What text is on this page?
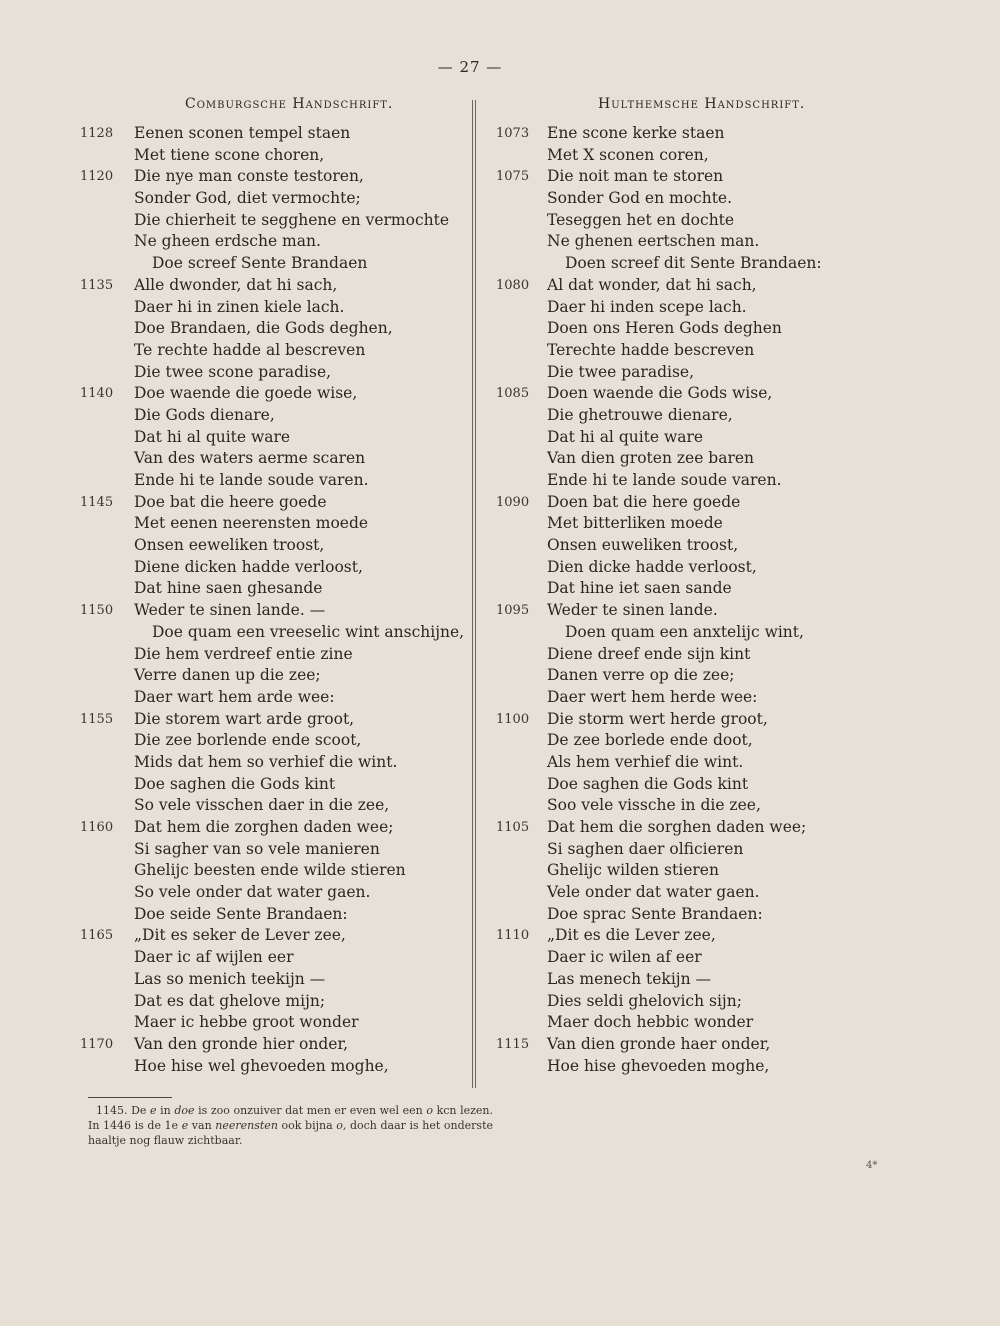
— 27 —
Comburgsche Handschrift.	Hulthemsche Handschrift.
1128	Eenen sconen tempel staen
Met tiene scone choren,
1120	Die nye man conste testoren,
Sonder God, diet vermochte;
Die chierheit te segghene en vermochte
Ne gheen erdsche man.
Doe screef Sente Brandaen
1135	Alle dwonder, dat hi sach,
Daer hi in zinen kiele lach.
Doe Brandaen, die Gods deghen,
Te rechte hadde al bescreven
Die twee scone paradise,
1140	Doe waende die goede wise,
Die Gods dienare,
Dat hi al quite ware
Van des waters aerme scaren
Ende hi te lande soude varen.
1145	Doe bat die heere goede
Met eenen neerensten moede
Onsen eeweliken troost,
Diene dicken hadde verloost,
Dat hine saen ghesande
1150	Weder te sinen lande. —
Doe quam een vreeselic wint anschijne,
Die hem verdreef entie zine
Verre danen up die zee;
Daer wart hem arde wee:
1155	Die storem wart arde groot,
Die zee borlende ende scoot,
Mids dat hem so verhief die wint.
Doe saghen die Gods kint
So vele visschen daer in die zee,
1160	Dat hem die zorghen daden wee;
Si sagher van so vele manieren
Ghelijc beesten ende wilde stieren
So vele onder dat water gaen.
Doe seide Sente Brandaen:
1165	„Dit es seker de Lever zee,
Daer ic af wijlen eer
Las so menich teekijn —
Dat es dat ghelove mijn;
Maer ic hebbe groot wonder
1170	Van den gronde hier onder,
Hoe hise wel ghevoeden moghe,
1073	Ene scone kerke staen
Met X sconen coren,
1075	Die noit man te storen
Sonder God en mochte.
Teseggen het en dochte
Ne ghenen eertschen man.
Doen screef dit Sente Brandaen:
1080	Al dat wonder, dat hi sach,
Daer hi inden scepe lach.
Doen ons Heren Gods deghen
Terechte hadde bescreven
Die twee paradise,
1085	Doen waende die Gods wise,
Die ghetrouwe dienare,
Dat hi al quite ware
Van dien groten zee baren
Ende hi te lande soude varen.
1090	Doen bat die here goede
Met bitterliken moede
Onsen euweliken troost,
Dien dicke hadde verloost,
Dat hine iet saen sande
1095	Weder te sinen lande.
Doen quam een anxtelijc wint,
Diene dreef ende sijn kint
Danen verre op die zee;
Daer wert hem herde wee:
1100	Die storm wert herde groot,
De zee borlede ende doot,
Als hem verhief die wint.
Doe saghen die Gods kint
Soo vele vissche in die zee,
1105	Dat hem die sorghen daden wee;
Si saghen daer olficieren
Ghelijc wilden stieren
Vele onder dat water gaen.
Doe sprac Sente Brandaen:
1110	„Dit es die Lever zee,
Daer ic wilen af eer
Las menech tekijn —
Dies seldi ghelovich sijn;
Maer doch hebbic wonder
1115	Van dien gronde haer onder,
Hoe hise ghevoeden moghe,

1145. De e in doe is zoo onzuiver dat men er even wel een o kcn lezen. In 1446 is de 1e e van neerensten ook bijna o, doch daar is het onderste haaltje nog flauw zichtbaar.

4*
